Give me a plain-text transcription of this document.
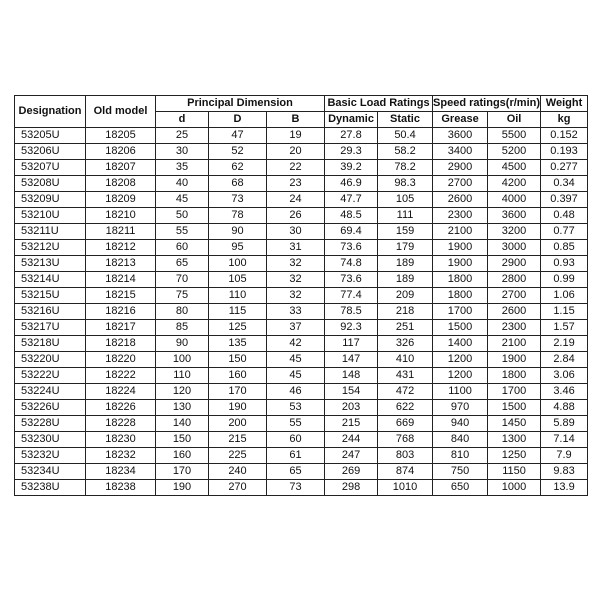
Designation	Old model	Principal Dimension			Basic Load Ratings		Speed ratings(r/min)		Weight
		d	D	B	Dynamic	Static	Grease	Oil	kg
53205U	18205	25	47	19	27.8	50.4	3600	5500	0.152
53206U	18206	30	52	20	29.3	58.2	3400	5200	0.193
53207U	18207	35	62	22	39.2	78.2	2900	4500	0.277
53208U	18208	40	68	23	46.9	98.3	2700	4200	0.34
53209U	18209	45	73	24	47.7	105	2600	4000	0.397
53210U	18210	50	78	26	48.5	111	2300	3600	0.48
53211U	18211	55	90	30	69.4	159	2100	3200	0.77
53212U	18212	60	95	31	73.6	179	1900	3000	0.85
53213U	18213	65	100	32	74.8	189	1900	2900	0.93
53214U	18214	70	105	32	73.6	189	1800	2800	0.99
53215U	18215	75	110	32	77.4	209	1800	2700	1.06
53216U	18216	80	115	33	78.5	218	1700	2600	1.15
53217U	18217	85	125	37	92.3	251	1500	2300	1.57
53218U	18218	90	135	42	117	326	1400	2100	2.19
53220U	18220	100	150	45	147	410	1200	1900	2.84
53222U	18222	110	160	45	148	431	1200	1800	3.06
53224U	18224	120	170	46	154	472	1100	1700	3.46
53226U	18226	130	190	53	203	622	970	1500	4.88
53228U	18228	140	200	55	215	669	940	1450	5.89
53230U	18230	150	215	60	244	768	840	1300	7.14
53232U	18232	160	225	61	247	803	810	1250	7.9
53234U	18234	170	240	65	269	874	750	1150	9.83
53238U	18238	190	270	73	298	1010	650	1000	13.9
